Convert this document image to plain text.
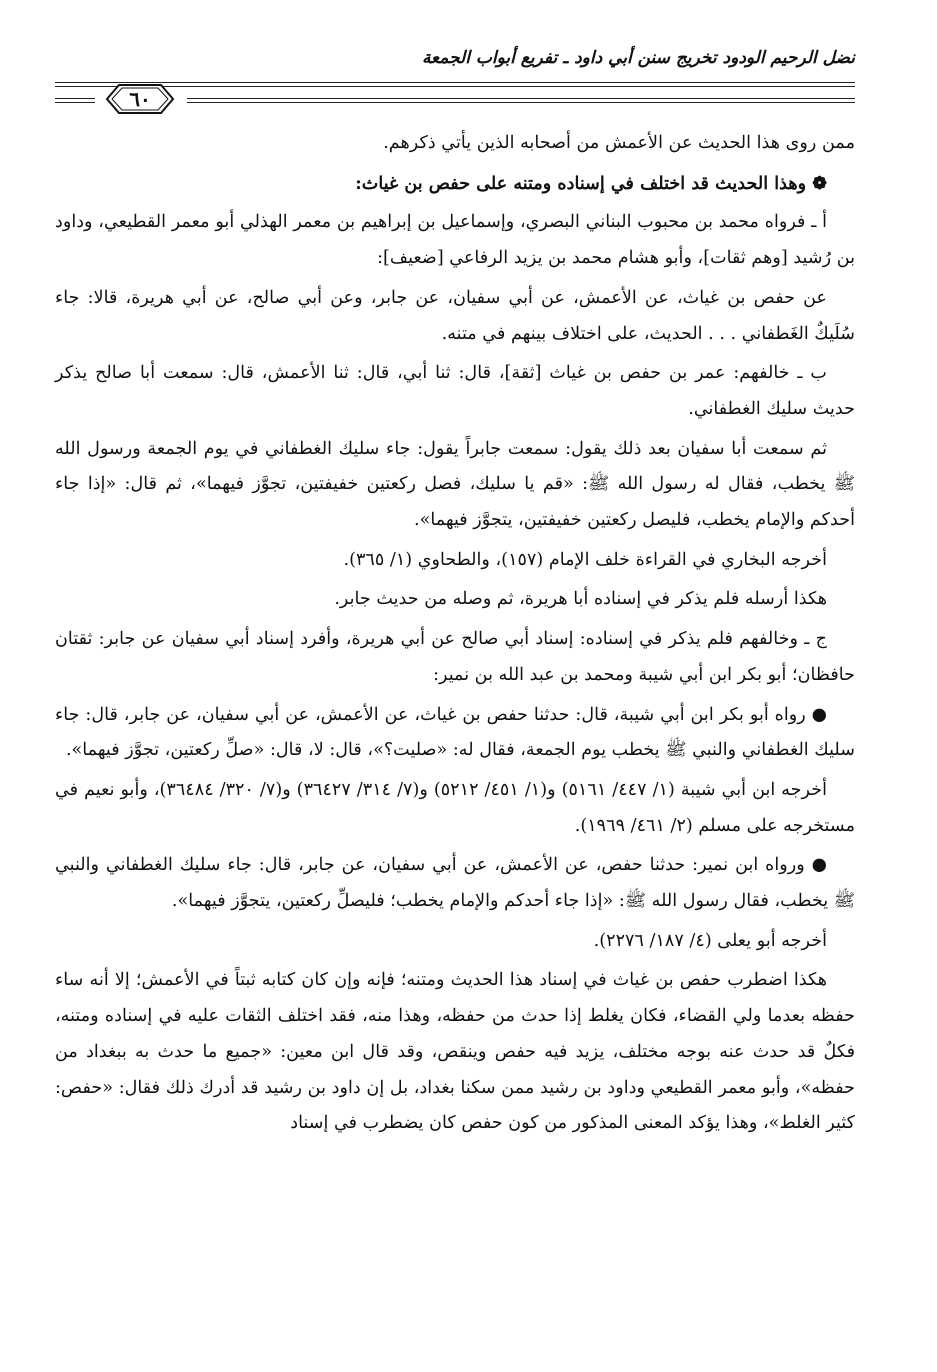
نضل الرحيم الودود تخريج سنن أبي داود ـ تفريع أبواب الجمعة
٦٠

ممن روى هذا الحديث عن الأعمش من أصحابه الذين يأتي ذكرهم.

❁ وهذا الحديث قد اختلف في إسناده ومتنه على حفص بن غياث:

أ ـ فرواه محمد بن محبوب البناني البصري، وإسماعيل بن إبراهيم بن معمر الهذلي أبو معمر القطيعي، وداود بن رُشيد [وهم ثقات]، وأبو هشام محمد بن يزيد الرفاعي [ضعيف]:

عن حفص بن غياث، عن الأعمش، عن أبي سفيان، عن جابر، وعن أبي صالح، عن أبي هريرة، قالا: جاء سُلَيكٌ الغَطفاني . . . الحديث، على اختلاف بينهم في متنه.

ب ـ خالفهم: عمر بن حفص بن غياث [ثقة]، قال: ثنا أبي، قال: ثنا الأعمش، قال: سمعت أبا صالح يذكر حديث سليك الغطفاني.

ثم سمعت أبا سفيان بعد ذلك يقول: سمعت جابراً يقول: جاء سليك الغطفاني في يوم الجمعة ورسول الله ﷺ يخطب، فقال له رسول الله ﷺ: «قم يا سليك، فصل ركعتين خفيفتين، تجوَّز فيهما»، ثم قال: «إذا جاء أحدكم والإمام يخطب، فليصل ركعتين خفيفتين، يتجوَّز فيهما».

أخرجه البخاري في القراءة خلف الإمام (١٥٧)، والطحاوي (١/ ٣٦٥).

هكذا أرسله فلم يذكر في إسناده أبا هريرة، ثم وصله من حديث جابر.

ج ـ وخالفهم فلم يذكر في إسناده: إسناد أبي صالح عن أبي هريرة، وأفرد إسناد أبي سفيان عن جابر: ثقتان حافظان؛ أبو بكر ابن أبي شيبة ومحمد بن عبد الله بن نمير:

● رواه أبو بكر ابن أبي شيبة، قال: حدثنا حفص بن غياث، عن الأعمش، عن أبي سفيان، عن جابر، قال: جاء سليك الغطفاني والنبي ﷺ يخطب يوم الجمعة، فقال له: «صليت؟»، قال: لا، قال: «صلِّ ركعتين، تجوَّز فيهما».

أخرجه ابن أبي شيبة (١/ ٤٤٧/ ٥١٦١) و(١/ ٤٥١/ ٥٢١٢) و(٧/ ٣١٤/ ٣٦٤٢٧) و(٧/ ٣٢٠/ ٣٦٤٨٤)، وأبو نعيم في مستخرجه على مسلم (٢/ ٤٦١/ ١٩٦٩).

● ورواه ابن نمير: حدثنا حفص، عن الأعمش، عن أبي سفيان، عن جابر، قال: جاء سليك الغطفاني والنبي ﷺ يخطب، فقال رسول الله ﷺ: «إذا جاء أحدكم والإمام يخطب؛ فليصلِّ ركعتين، يتجوَّز فيهما».

أخرجه أبو يعلى (٤/ ١٨٧/ ٢٢٧٦).

هكذا اضطرب حفص بن غياث في إسناد هذا الحديث ومتنه؛ فإنه وإن كان كتابه ثبتاً في الأعمش؛ إلا أنه ساء حفظه بعدما ولي القضاء، فكان يغلط إذا حدث من حفظه، وهذا منه، فقد اختلف الثقات عليه في إسناده ومتنه، فكلٌ قد حدث عنه بوجه مختلف، يزيد فيه حفص وينقص، وقد قال ابن معين: «جميع ما حدث به ببغداد من حفظه»، وأبو معمر القطيعي وداود بن رشيد ممن سكنا بغداد، بل إن داود بن رشيد قد أدرك ذلك فقال: «حفص: كثير الغلط»، وهذا يؤكد المعنى المذكور من كون حفص كان يضطرب في إسناد
